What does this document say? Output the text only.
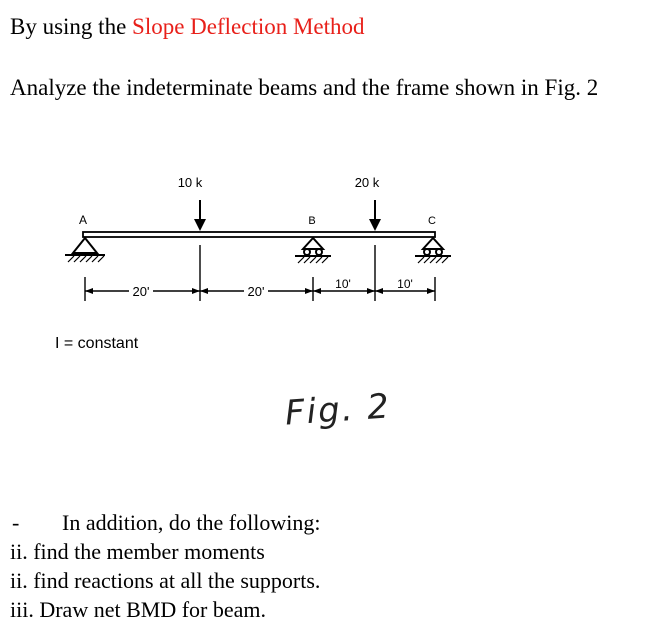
By using the Slope Deflection Method
Analyze the indeterminate beams and the frame shown in Fig. 2
10 k	20 k
A	B	C
20'	20'	10'	10'
I = constant
Fig. 2
- In addition, do the following:
ii. find the member moments
ii. find reactions at all the supports.
iii. Draw net BMD for beam.
